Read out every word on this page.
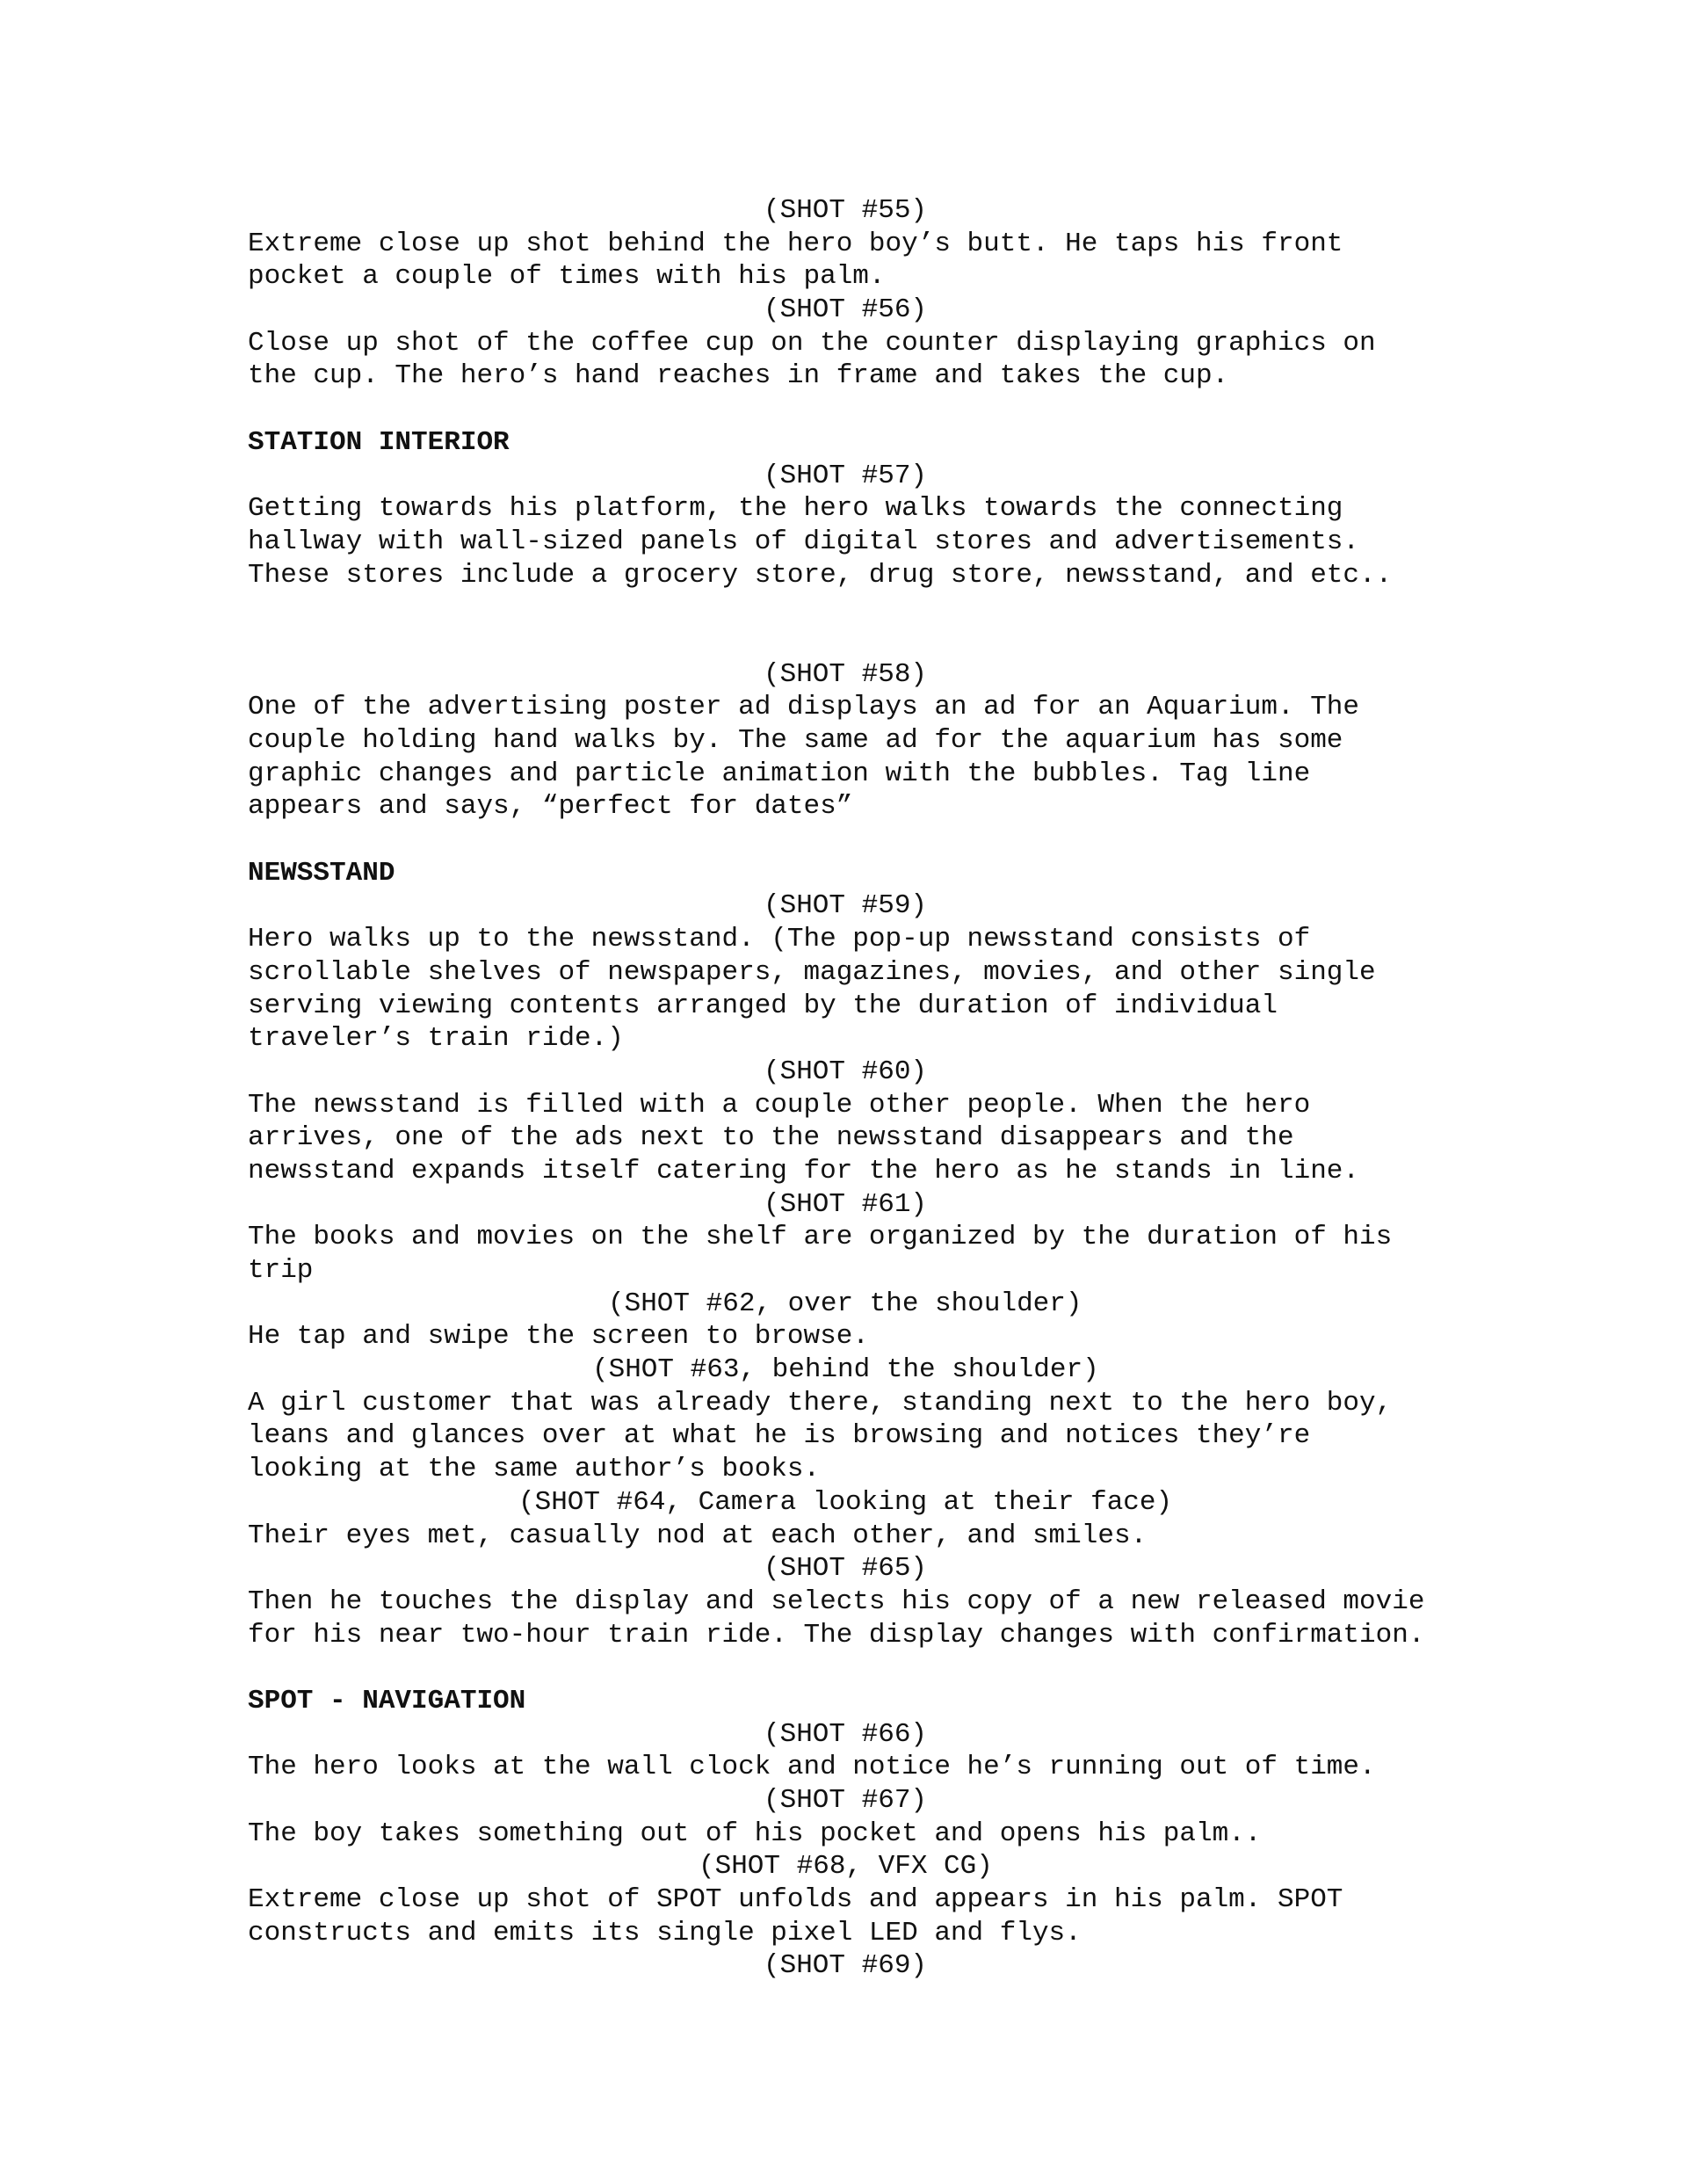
(SHOT #55)
Extreme close up shot behind the hero boy’s butt. He taps his front
pocket a couple of times with his palm.
(SHOT #56)
Close up shot of the coffee cup on the counter displaying graphics on
the cup. The hero’s hand reaches in frame and takes the cup.
STATION INTERIOR
(SHOT #57)
Getting towards his platform, the hero walks towards the connecting
hallway with wall-sized panels of digital stores and advertisements.
These stores include a grocery store, drug store, newsstand, and etc..
(SHOT #58)
One of the advertising poster ad displays an ad for an Aquarium. The
couple holding hand walks by. The same ad for the aquarium has some
graphic changes and particle animation with the bubbles. Tag line
appears and says, “perfect for dates”
NEWSSTAND
(SHOT #59)
Hero walks up to the newsstand. (The pop-up newsstand consists of
scrollable shelves of newspapers, magazines, movies, and other single
serving viewing contents arranged by the duration of individual
traveler’s train ride.)
(SHOT #60)
The newsstand is filled with a couple other people. When the hero
arrives, one of the ads next to the newsstand disappears and the
newsstand expands itself catering for the hero as he stands in line.
(SHOT #61)
The books and movies on the shelf are organized by the duration of his
trip
(SHOT #62, over the shoulder)
He tap and swipe the screen to browse.
(SHOT #63, behind the shoulder)
A girl customer that was already there, standing next to the hero boy,
leans and glances over at what he is browsing and notices they’re
looking at the same author’s books.
(SHOT #64, Camera looking at their face)
Their eyes met, casually nod at each other, and smiles.
(SHOT #65)
Then he touches the display and selects his copy of a new released movie
for his near two-hour train ride. The display changes with confirmation.
SPOT - NAVIGATION
(SHOT #66)
The hero looks at the wall clock and notice he’s running out of time.
(SHOT #67)
The boy takes something out of his pocket and opens his palm..
(SHOT #68, VFX CG)
Extreme close up shot of SPOT unfolds and appears in his palm. SPOT
constructs and emits its single pixel LED and flys.
(SHOT #69)
